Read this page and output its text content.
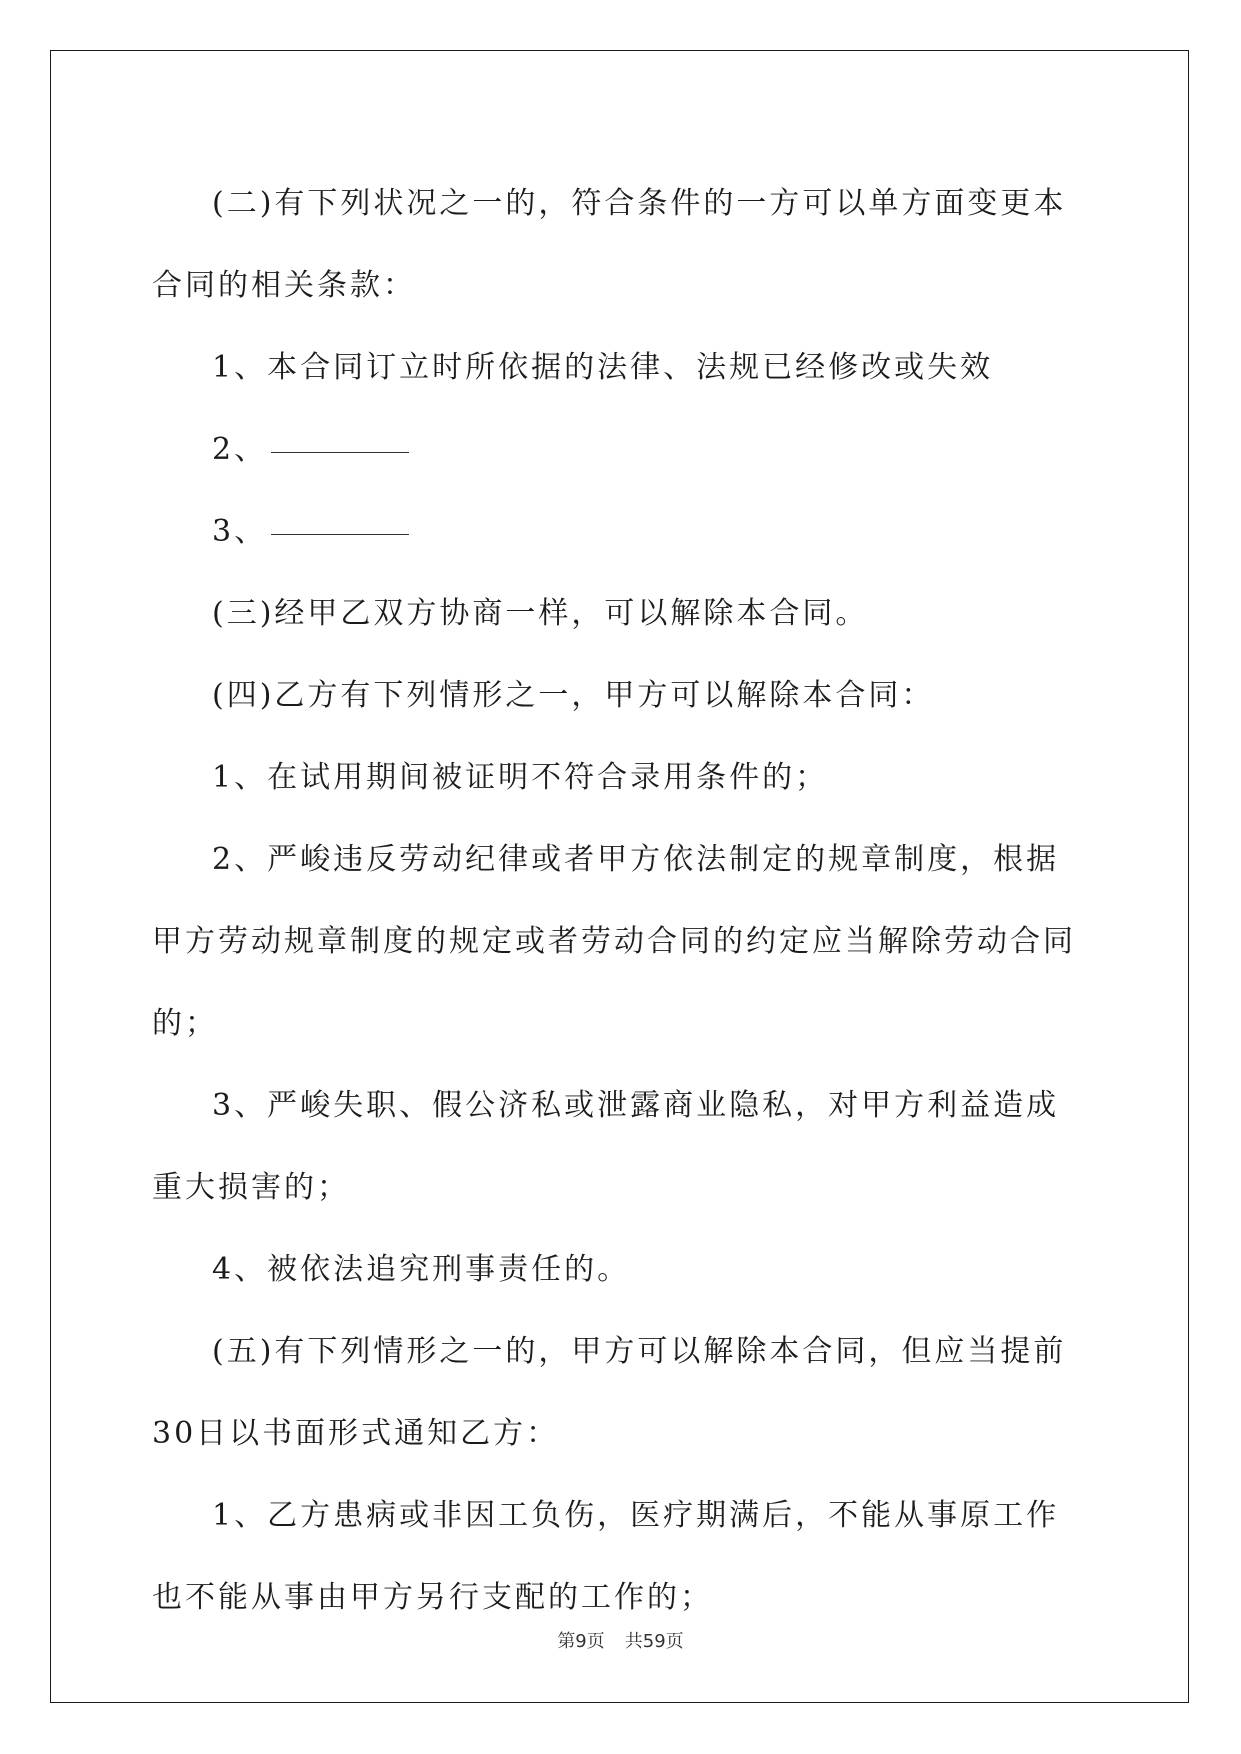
(二)有下列状况之一的，符合条件的一方可以单方面变更本合同的相关条款：

1、本合同订立时所依据的法律、法规已经修改或失效

2、

3、

(三)经甲乙双方协商一样，可以解除本合同。

(四)乙方有下列情形之一，甲方可以解除本合同：

1、在试用期间被证明不符合录用条件的；

2、严峻违反劳动纪律或者甲方依法制定的规章制度，根据甲方劳动规章制度的规定或者劳动合同的约定应当解除劳动合同的；

3、严峻失职、假公济私或泄露商业隐私，对甲方利益造成重大损害的；

4、被依法追究刑事责任的。

(五)有下列情形之一的，甲方可以解除本合同，但应当提前30日以书面形式通知乙方：

1、乙方患病或非因工负伤，医疗期满后，不能从事原工作也不能从事由甲方另行支配的工作的；

第9页 共59页
